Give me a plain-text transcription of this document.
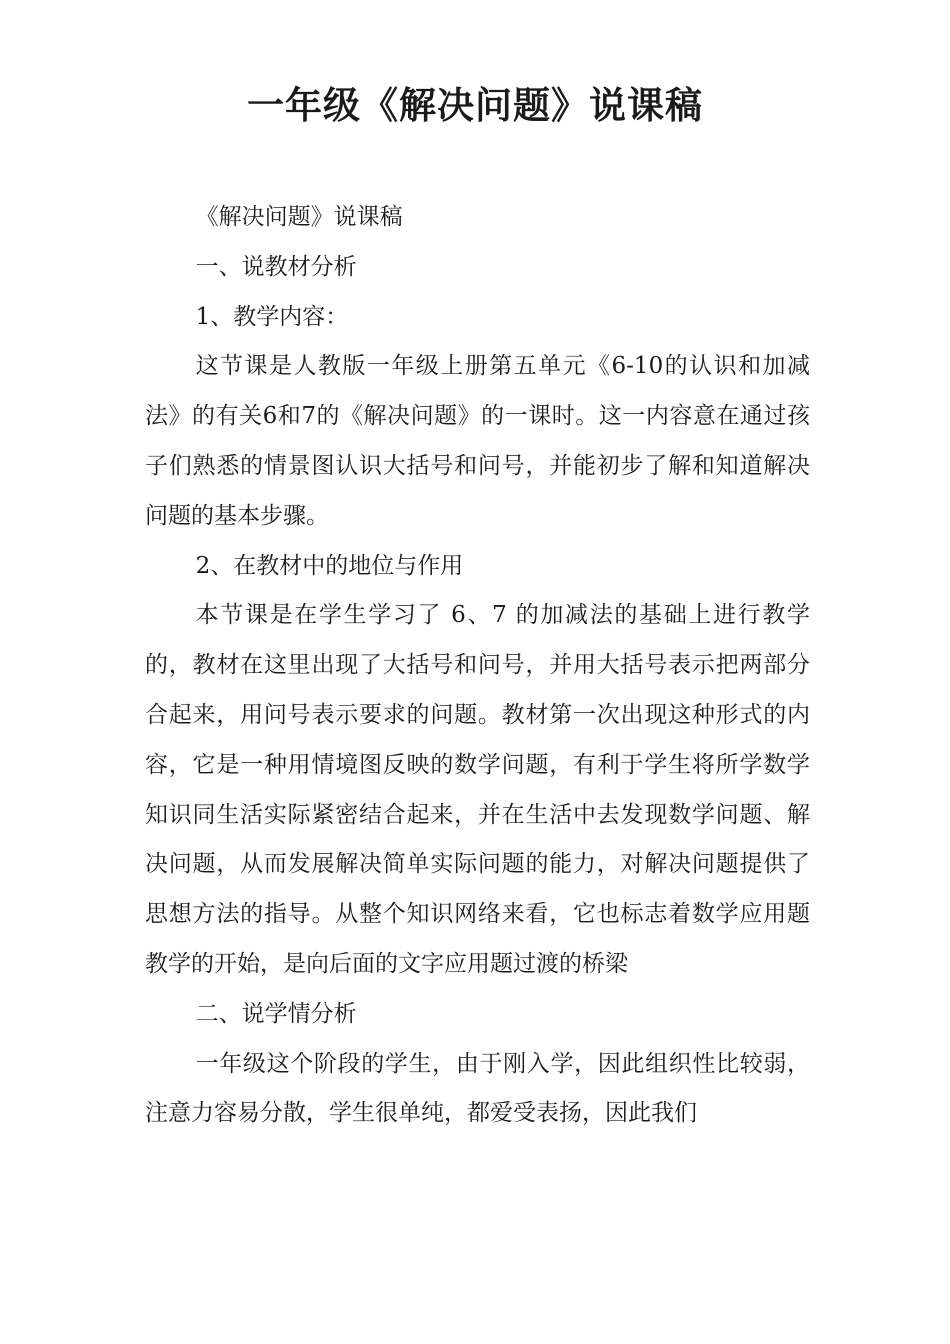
一年级《解决问题》说课稿

《解决问题》说课稿

一、说教材分析

1、教学内容：

这节课是人教版一年级上册第五单元《6-10的认识和加减法》的有关6和7的《解决问题》的一课时。这一内容意在通过孩子们熟悉的情景图认识大括号和问号，并能初步了解和知道解决问题的基本步骤。

2、在教材中的地位与作用

本节课是在学生学习了 6、7 的加减法的基础上进行教学的，教材在这里出现了大括号和问号，并用大括号表示把两部分合起来，用问号表示要求的问题。教材第一次出现这种形式的内容，它是一种用情境图反映的数学问题，有利于学生将所学数学知识同生活实际紧密结合起来，并在生活中去发现数学问题、解决问题，从而发展解决简单实际问题的能力，对解决问题提供了思想方法的指导。从整个知识网络来看，它也标志着数学应用题教学的开始，是向后面的文字应用题过渡的桥梁

二、说学情分析

一年级这个阶段的学生，由于刚入学，因此组织性比较弱，注意力容易分散，学生很单纯，都爱受表扬，因此我们
